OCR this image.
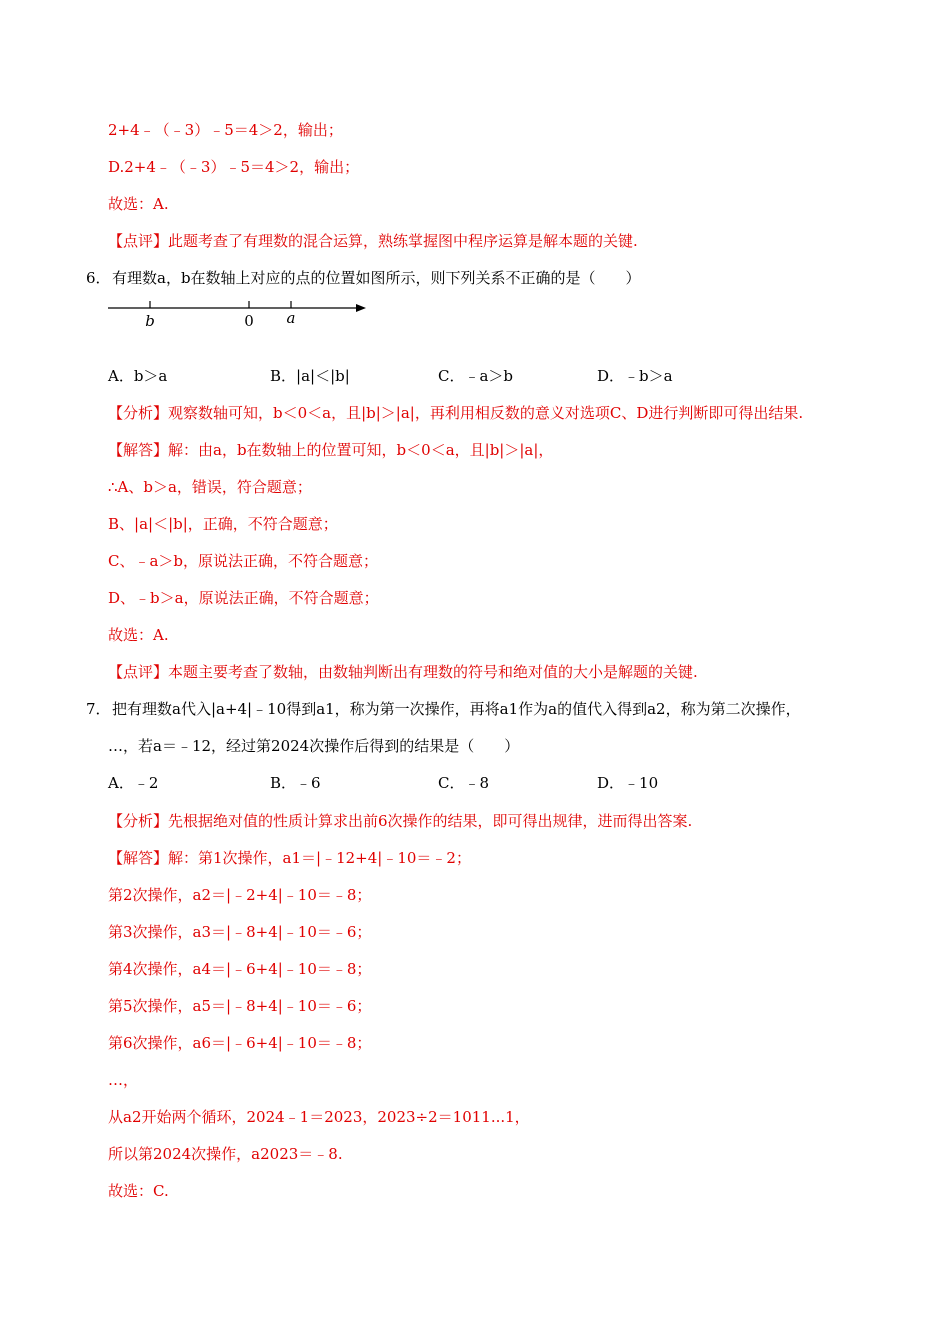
2+4﹣（﹣3）﹣5＝4＞2，输出；
D.2+4﹣（﹣3）﹣5＝4＞2，输出；
故选：A.
【点评】此题考查了有理数的混合运算，熟练掌握图中程序运算是解本题的关键.
6． 有理数a，b在数轴上对应的点的位置如图所示，则下列关系不正确的是（　　）
b	0 a
A．b＞a	B．|a|＜|b|	C．﹣a＞b	D．﹣b＞a
【分析】观察数轴可知，b＜0＜a，且|b|＞|a|，再利用相反数的意义对选项C、D进行判断即可得出结果.
【解答】解：由a，b在数轴上的位置可知，b＜0＜a，且|b|＞|a|，
∴A、b＞a，错误，符合题意；
B、|a|＜|b|，正确，不符合题意；
C、﹣a＞b，原说法正确，不符合题意；
D、﹣b＞a，原说法正确，不符合题意；
故选：A.
【点评】本题主要考查了数轴，由数轴判断出有理数的符号和绝对值的大小是解题的关键.
7． 把有理数a代入|a+4|﹣10得到a1，称为第一次操作，再将a1作为a的值代入得到a2，称为第二次操作，
…，若a＝﹣12，经过第2024次操作后得到的结果是（　　）
A．﹣2	B．﹣6	C．﹣8	D．﹣10
【分析】先根据绝对值的性质计算求出前6次操作的结果，即可得出规律，进而得出答案.
【解答】解：第1次操作，a1＝|﹣12+4|﹣10＝﹣2；
第2次操作，a2＝|﹣2+4|﹣10＝﹣8；
第3次操作，a3＝|﹣8+4|﹣10＝﹣6；
第4次操作，a4＝|﹣6+4|﹣10＝﹣8；
第5次操作，a5＝|﹣8+4|﹣10＝﹣6；
第6次操作，a6＝|﹣6+4|﹣10＝﹣8；
…，
从a2开始两个循环，2024﹣1＝2023，2023÷2＝1011...1，
所以第2024次操作，a2023＝﹣8.
故选：C.
